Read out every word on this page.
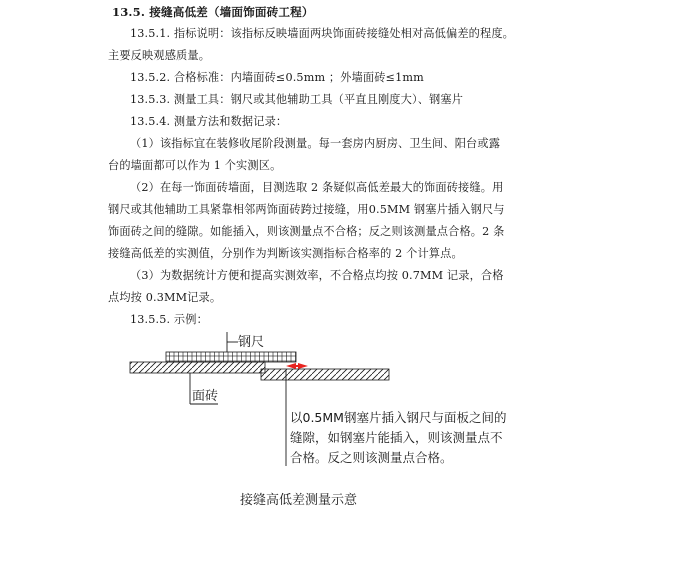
13.5. 接缝高低差（墙面饰面砖工程）
13.5.1. 指标说明：该指标反映墙面两块饰面砖接缝处相对高低偏差的程度。
主要反映观感质量。
13.5.2. 合格标准：内墙面砖≤0.5mm ；外墙面砖≤1mm
13.5.3. 测量工具：钢尺或其他辅助工具（平直且刚度大）、钢塞片
13.5.4. 测量方法和数据记录：
（1）该指标宜在装修收尾阶段测量。每一套房内厨房、卫生间、阳台或露
台的墙面都可以作为 1 个实测区。
（2）在每一饰面砖墙面，目测选取 2 条疑似高低差最大的饰面砖接缝。用
钢尺或其他辅助工具紧靠相邻两饰面砖跨过接缝，用0.5MM 钢塞片插入钢尺与
饰面砖之间的缝隙。如能插入，则该测量点不合格；反之则该测量点合格。2 条
接缝高低差的实测值，分别作为判断该实测指标合格率的 2 个计算点。
（3）为数据统计方便和提高实测效率，不合格点均按 0.7MM 记录，合格
点均按 0.3MM记录。
13.5.5. 示例：
钢尺
面砖
以0.5MM钢塞片插入钢尺与面板之间的
缝隙，如钢塞片能插入，则该测量点不
合格。反之则该测量点合格。
接缝高低差测量示意
